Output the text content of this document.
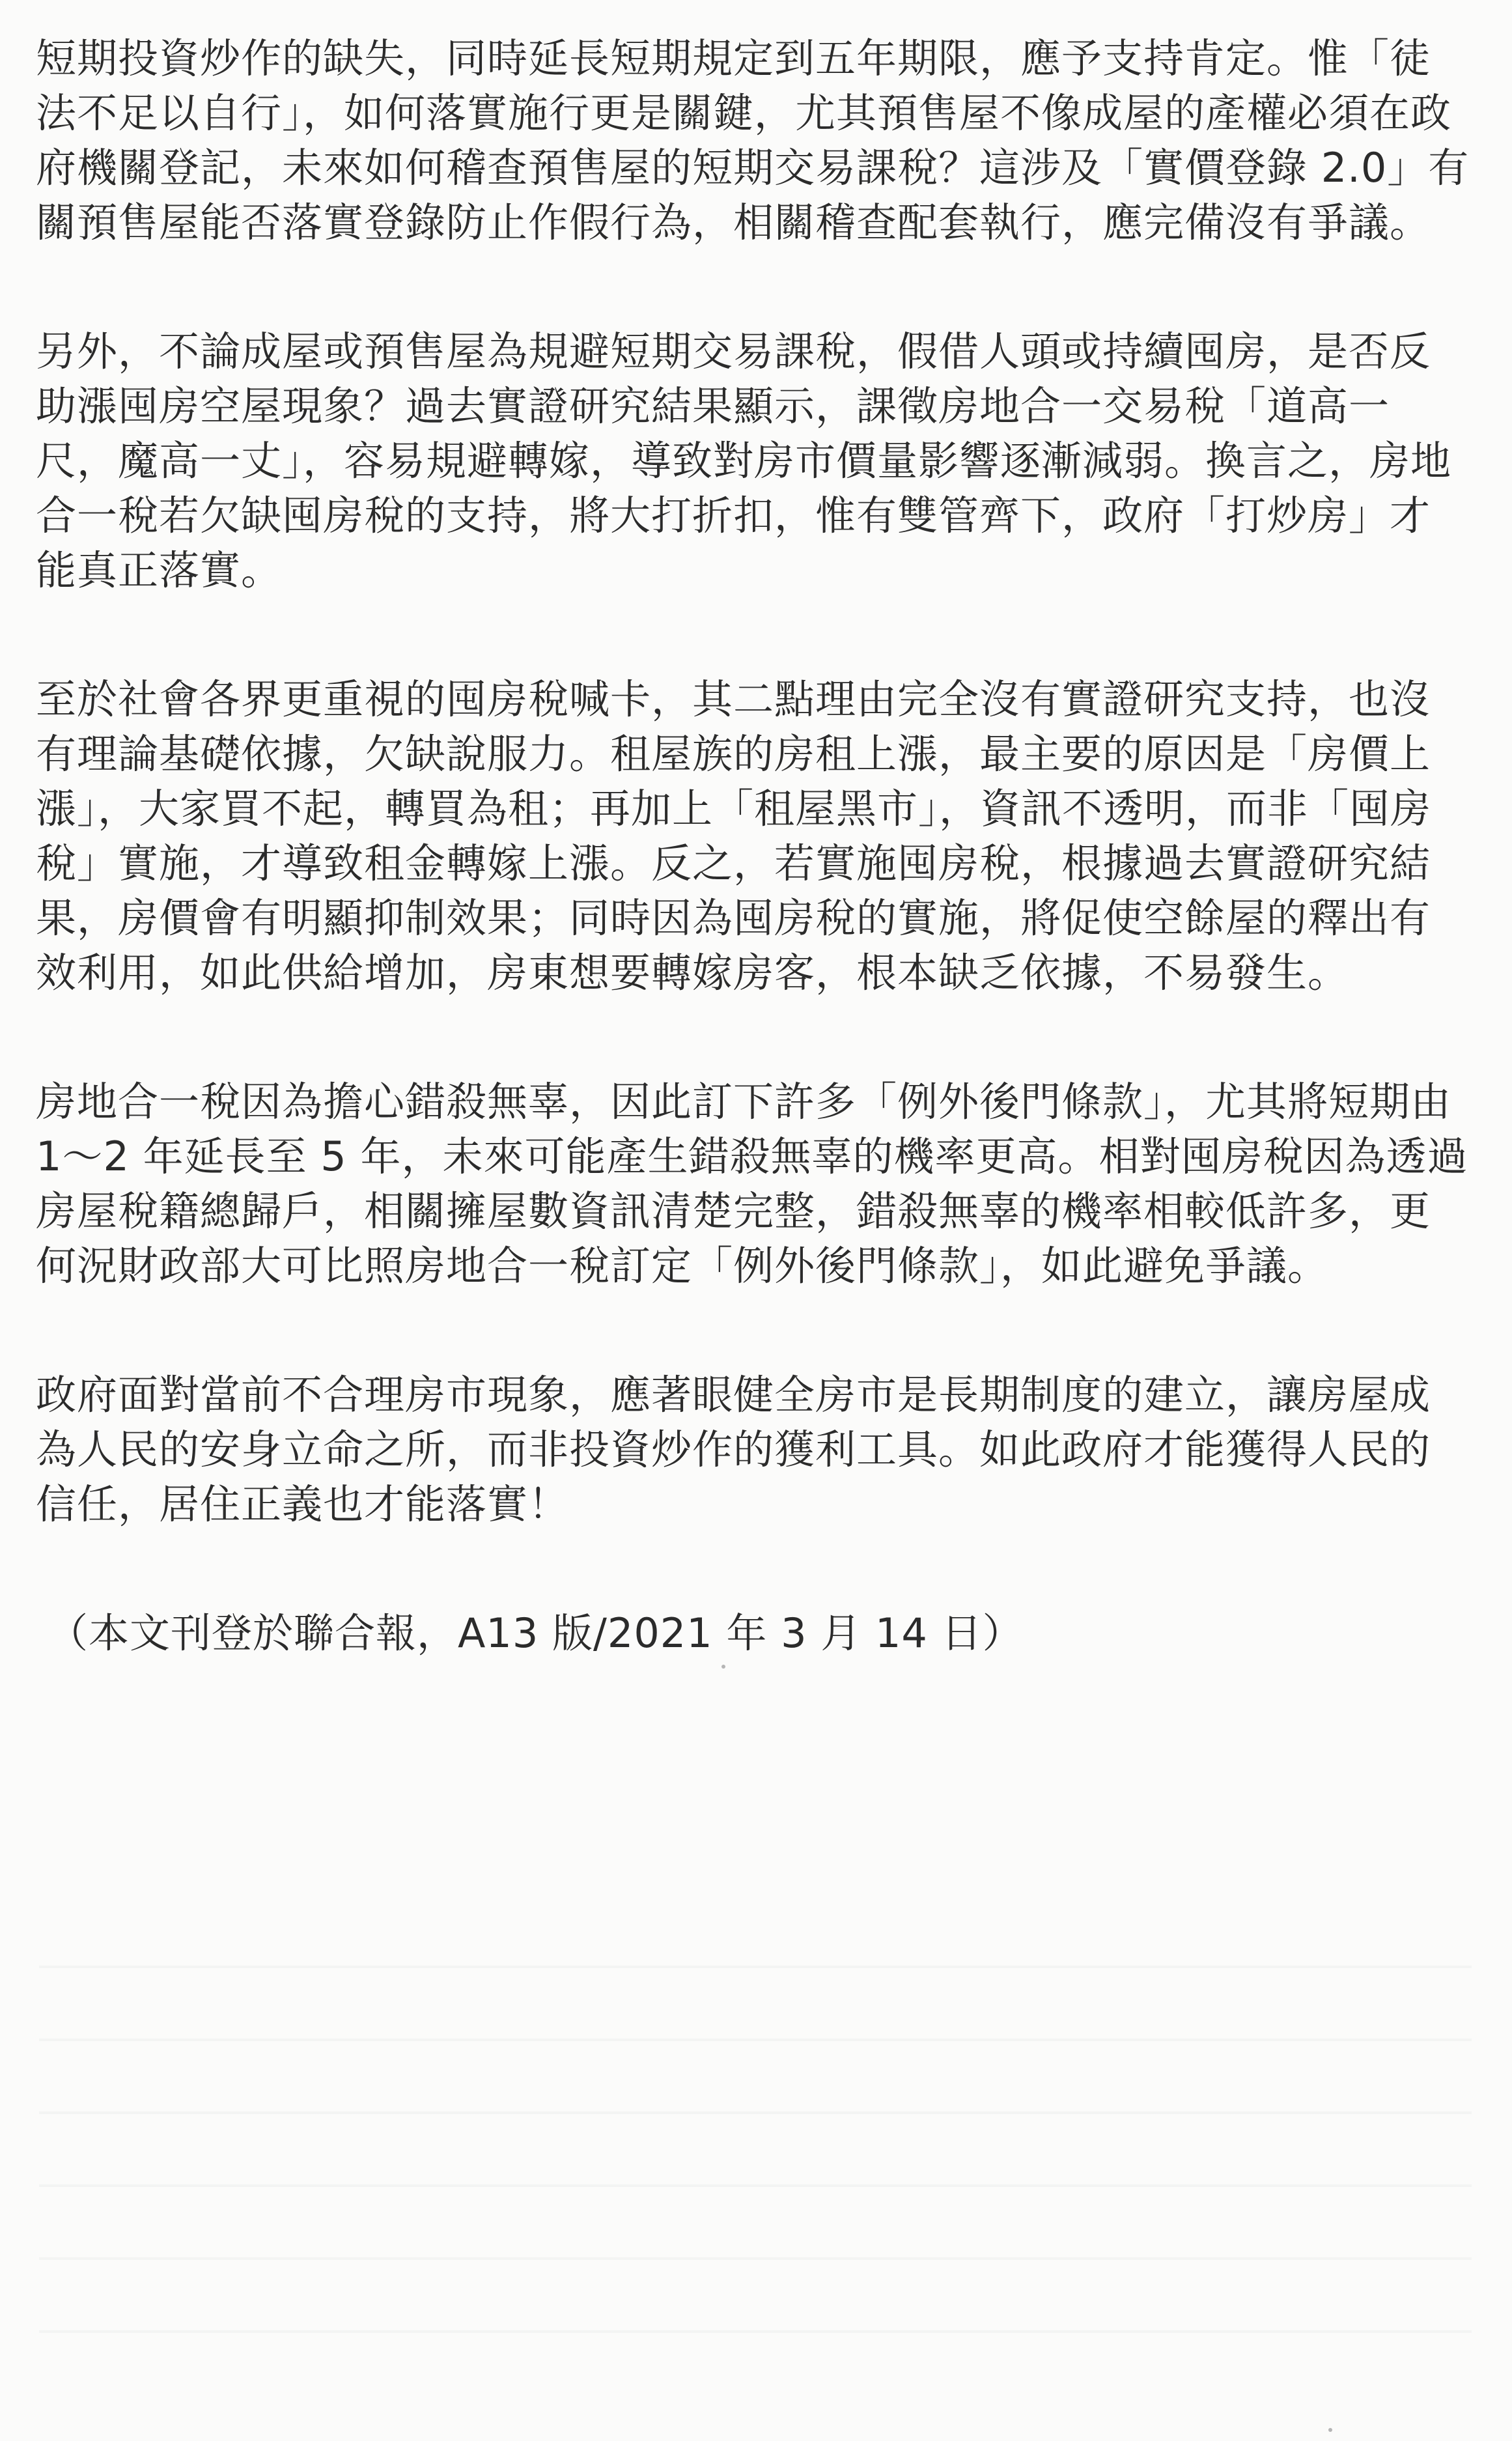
短期投資炒作的缺失，同時延長短期規定到五年期限，應予支持肯定。惟「徒
法不足以自行」，如何落實施行更是關鍵，尤其預售屋不像成屋的產權必須在政
府機關登記，未來如何稽查預售屋的短期交易課稅？這涉及「實價登錄 2.0」有
關預售屋能否落實登錄防止作假行為，相關稽查配套執行，應完備沒有爭議。
另外，不論成屋或預售屋為規避短期交易課稅，假借人頭或持續囤房，是否反
助漲囤房空屋現象？過去實證研究結果顯示，課徵房地合一交易稅「道高一
尺，魔高一丈」，容易規避轉嫁，導致對房市價量影響逐漸減弱。換言之，房地
合一稅若欠缺囤房稅的支持，將大打折扣，惟有雙管齊下，政府「打炒房」才
能真正落實。
至於社會各界更重視的囤房稅喊卡，其二點理由完全沒有實證研究支持，也沒
有理論基礎依據，欠缺說服力。租屋族的房租上漲，最主要的原因是「房價上
漲」，大家買不起，轉買為租；再加上「租屋黑市」，資訊不透明，而非「囤房
稅」實施，才導致租金轉嫁上漲。反之，若實施囤房稅，根據過去實證研究結
果，房價會有明顯抑制效果；同時因為囤房稅的實施，將促使空餘屋的釋出有
效利用，如此供給增加，房東想要轉嫁房客，根本缺乏依據，不易發生。
房地合一稅因為擔心錯殺無辜，因此訂下許多「例外後門條款」，尤其將短期由
1～2 年延長至 5 年，未來可能產生錯殺無辜的機率更高。相對囤房稅因為透過
房屋稅籍總歸戶，相關擁屋數資訊清楚完整，錯殺無辜的機率相較低許多，更
何況財政部大可比照房地合一稅訂定「例外後門條款」，如此避免爭議。
政府面對當前不合理房市現象，應著眼健全房市是長期制度的建立，讓房屋成
為人民的安身立命之所，而非投資炒作的獲利工具。如此政府才能獲得人民的
信任，居住正義也才能落實！
（本文刊登於聯合報，A13 版/2021 年 3 月 14 日）
